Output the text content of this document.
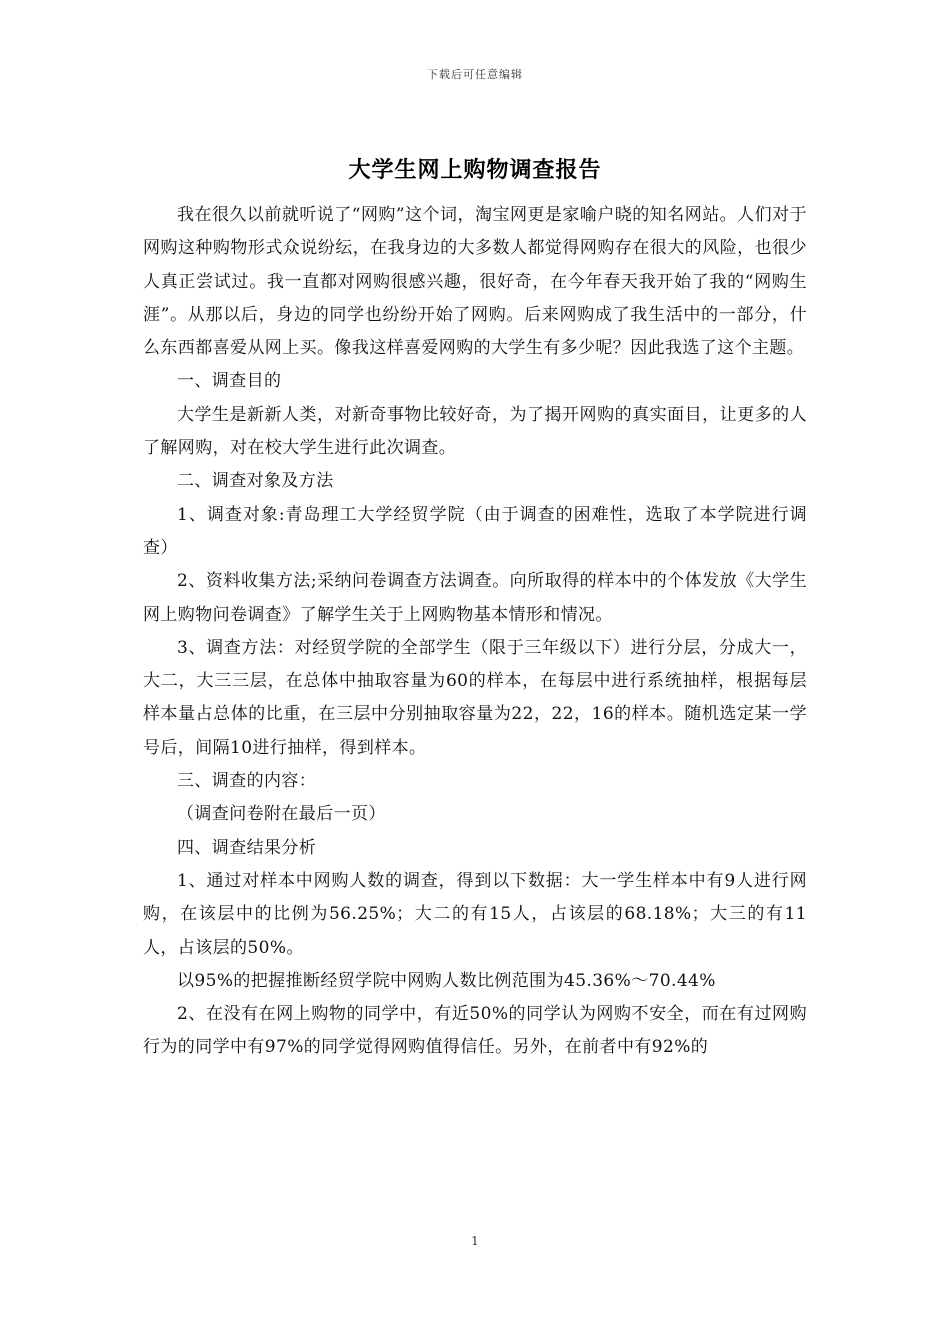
下载后可任意编辑
大学生网上购物调查报告

我在很久以前就听说了“网购”这个词，淘宝网更是家喻户晓的知名网站。人们对于网购这种购物形式众说纷纭，在我身边的大多数人都觉得网购存在很大的风险，也很少人真正尝试过。我一直都对网购很感兴趣，很好奇，在今年春天我开始了我的“网购生涯”。从那以后，身边的同学也纷纷开始了网购。后来网购成了我生活中的一部分，什么东西都喜爱从网上买。像我这样喜爱网购的大学生有多少呢？因此我选了这个主题。

一、调查目的

大学生是新新人类，对新奇事物比较好奇，为了揭开网购的真实面目，让更多的人了解网购，对在校大学生进行此次调查。

二、调查对象及方法

1、调查对象:青岛理工大学经贸学院（由于调查的困难性，选取了本学院进行调查）

2、资料收集方法;采纳问卷调查方法调查。向所取得的样本中的个体发放《大学生网上购物问卷调查》了解学生关于上网购物基本情形和情况。

3、调查方法：对经贸学院的全部学生（限于三年级以下）进行分层，分成大一，大二，大三三层，在总体中抽取容量为60的样本，在每层中进行系统抽样，根据每层样本量占总体的比重，在三层中分别抽取容量为22，22，16的样本。随机选定某一学号后，间隔10进行抽样，得到样本。

三、调查的内容：

（调查问卷附在最后一页）

四、调查结果分析

1、通过对样本中网购人数的调查，得到以下数据：大一学生样本中有9人进行网购，在该层中的比例为56.25%；大二的有15人，占该层的68.18%；大三的有11人，占该层的50%。

以95%的把握推断经贸学院中网购人数比例范围为45.36%～70.44%

2、在没有在网上购物的同学中，有近50%的同学认为网购不安全，而在有过网购行为的同学中有97%的同学觉得网购值得信任。另外，在前者中有92%的

1
